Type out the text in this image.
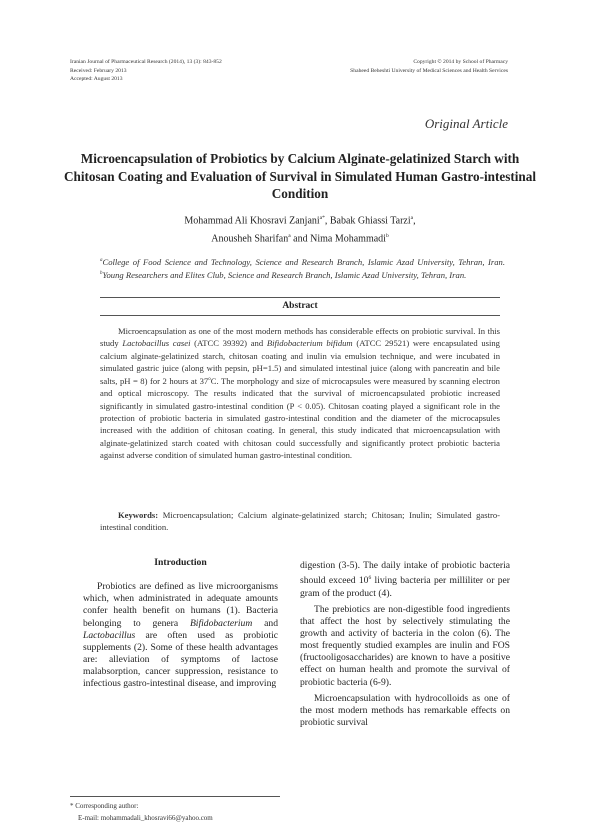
Iranian Journal of Pharmaceutical Research (2014), 13 (3): 843-852
Received: February 2013
Accepted: August 2013
Copyright © 2014 by School of Pharmacy
Shaheed Beheshti University of Medical Sciences and Health Services
Original Article
Microencapsulation of Probiotics by Calcium Alginate-gelatinized Starch with Chitosan Coating and Evaluation of Survival in Simulated Human Gastro-intestinal Condition
Mohammad Ali Khosravi Zanjani$^{a*}$, Babak Ghiassi Tarzi$^a$,
Anousheh Sharifan$^a$ and Nima Mohammadi$^b$
$^a$College of Food Science and Technology, Science and Research Branch, Islamic Azad University, Tehran, Iran. $^b$Young Researchers and Elites Club, Science and Research Branch, Islamic Azad University, Tehran, Iran.
Abstract
Microencapsulation as one of the most modern methods has considerable effects on probiotic survival. In this study Lactobacillus casei (ATCC 39392) and Bifidobacterium bifidum (ATCC 29521) were encapsulated using calcium alginate-gelatinized starch, chitosan coating and inulin via emulsion technique, and were incubated in simulated gastric juice (along with pepsin, pH=1.5) and simulated intestinal juice (along with pancreatin and bile salts, pH = 8) for 2 hours at 37$^o$C. The morphology and size of microcapsules were measured by scanning electron and optical microscopy. The results indicated that the survival of microencapsulated probiotic increased significantly in simulated gastro-intestinal condition (P < 0.05). Chitosan coating played a significant role in the protection of probiotic bacteria in simulated gastro-intestinal condition and the diameter of the microcapsules increased with the addition of chitosan coating. In general, this study indicated that microencapsulation with alginate-gelatinized starch coated with chitosan could successfully and significantly protect probiotic bacteria against adverse condition of simulated human gastro-intestinal condition.
Keywords: Microencapsulation; Calcium alginate-gelatinized starch; Chitosan; Inulin; Simulated gastro-intestinal condition.
Introduction

Probiotics are defined as live microorganisms which, when administrated in adequate amounts confer health benefit on humans (1). Bacteria belonging to genera Bifidobacterium and Lactobacillus are often used as probiotic supplements (2). Some of these health advantages are: alleviation of symptoms of lactose malabsorption, cancer suppression, resistance to infectious gastro-intestinal disease, and improving

digestion (3-5). The daily intake of probiotic bacteria should exceed $10^6$ living bacteria per milliliter or per gram of the product (4).

The prebiotics are non-digestible food ingredients that affect the host by selectively stimulating the growth and activity of bacteria in the colon (6). The most frequently studied examples are inulin and FOS (fructooligosaccharides) are known to have a positive effect on human health and promote the survival of probiotic bacteria (6-9).

Microencapsulation with hydrocolloids as one of the most modern methods has remarkable effects on probiotic survival

* Corresponding author:
E-mail: mohammadali_khosravi66@yahoo.com
